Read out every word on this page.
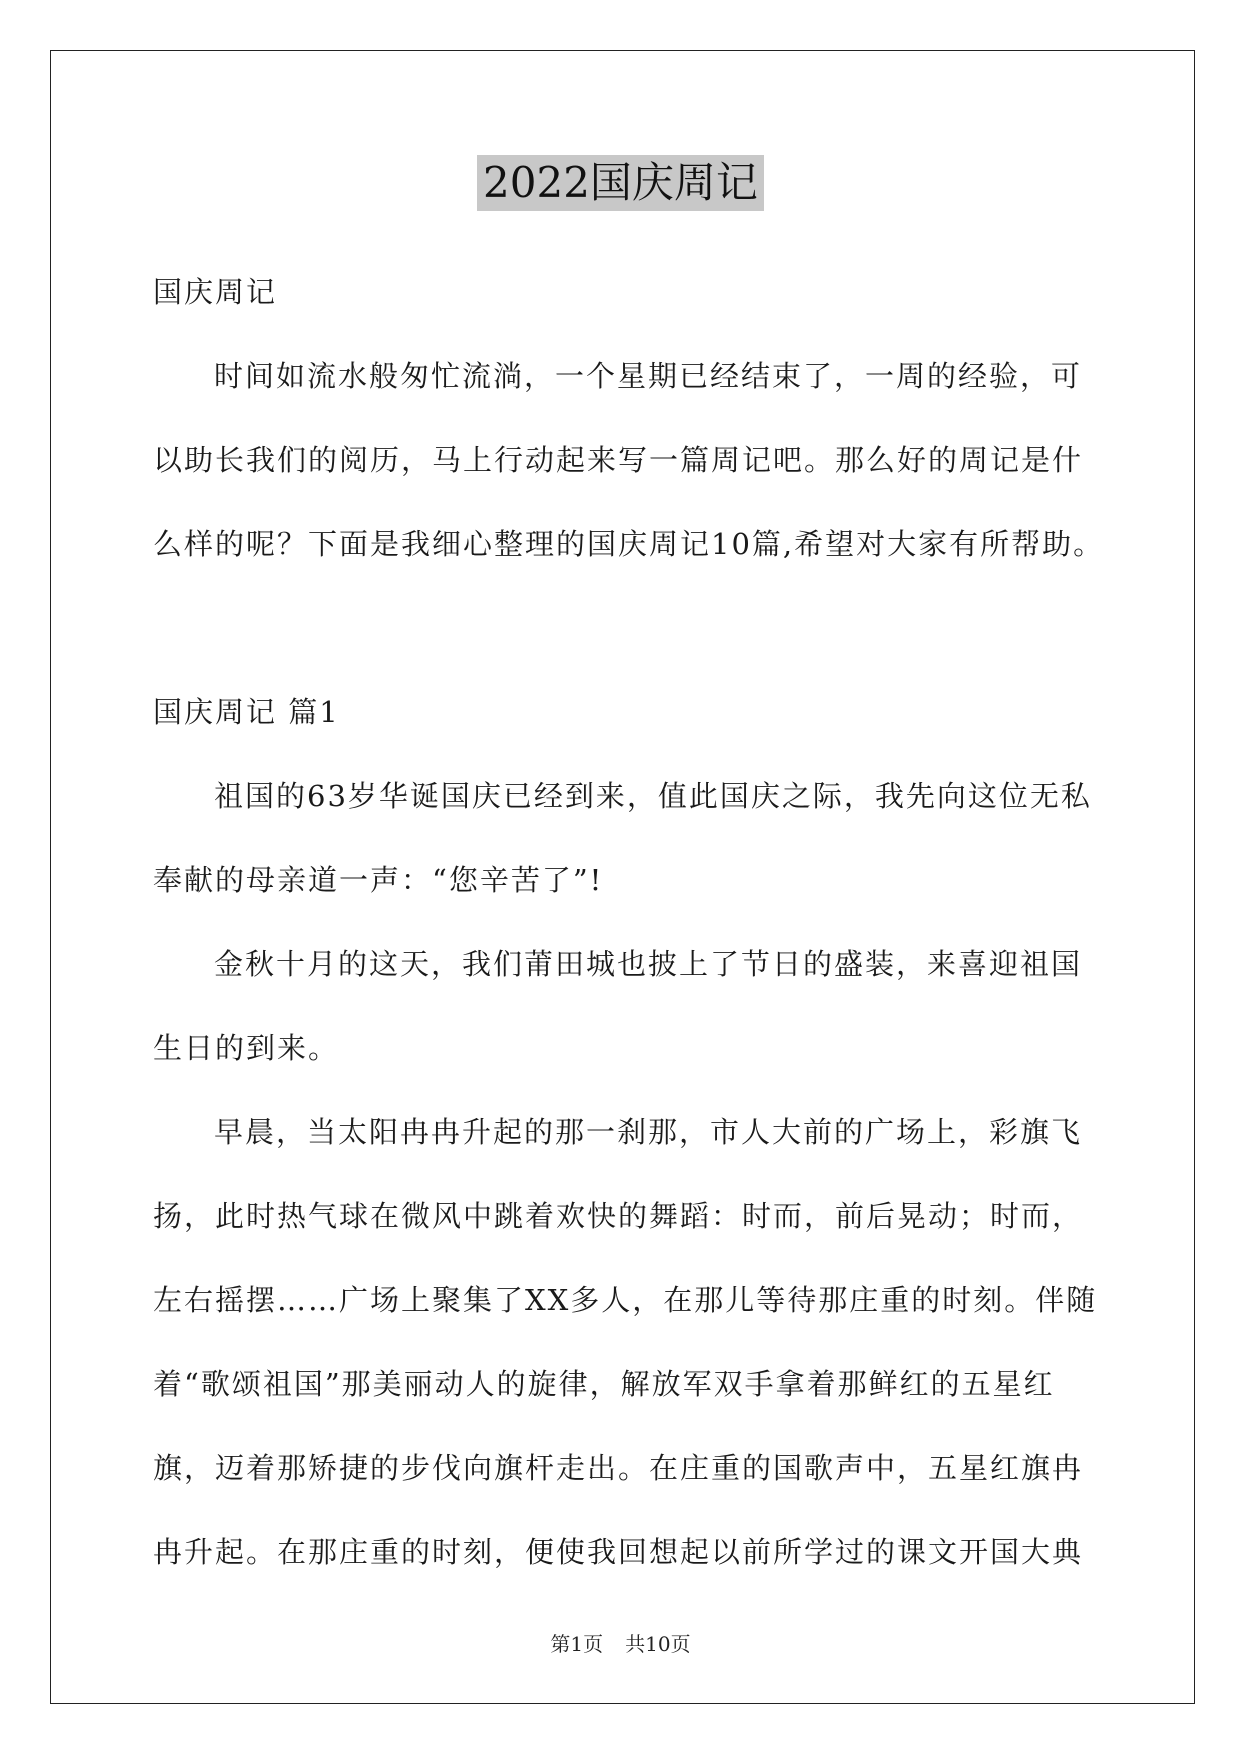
2022国庆周记
国庆周记
时间如流水般匆忙流淌，一个星期已经结束了，一周的经验，可
以助长我们的阅历，马上行动起来写一篇周记吧。那么好的周记是什
么样的呢？下面是我细心整理的国庆周记10篇,希望对大家有所帮助。
国庆周记 篇1
祖国的63岁华诞国庆已经到来，值此国庆之际，我先向这位无私
奉献的母亲道一声：“您辛苦了”!
金秋十月的这天，我们莆田城也披上了节日的盛装，来喜迎祖国
生日的到来。
早晨，当太阳冉冉升起的那一刹那，市人大前的广场上，彩旗飞
扬，此时热气球在微风中跳着欢快的舞蹈：时而，前后晃动；时而，
左右摇摆……广场上聚集了XX多人，在那儿等待那庄重的时刻。伴随
着“歌颂祖国”那美丽动人的旋律，解放军双手拿着那鲜红的五星红
旗，迈着那矫捷的步伐向旗杆走出。在庄重的国歌声中，五星红旗冉
冉升起。在那庄重的时刻，便使我回想起以前所学过的课文开国大典
第1页 共10页
